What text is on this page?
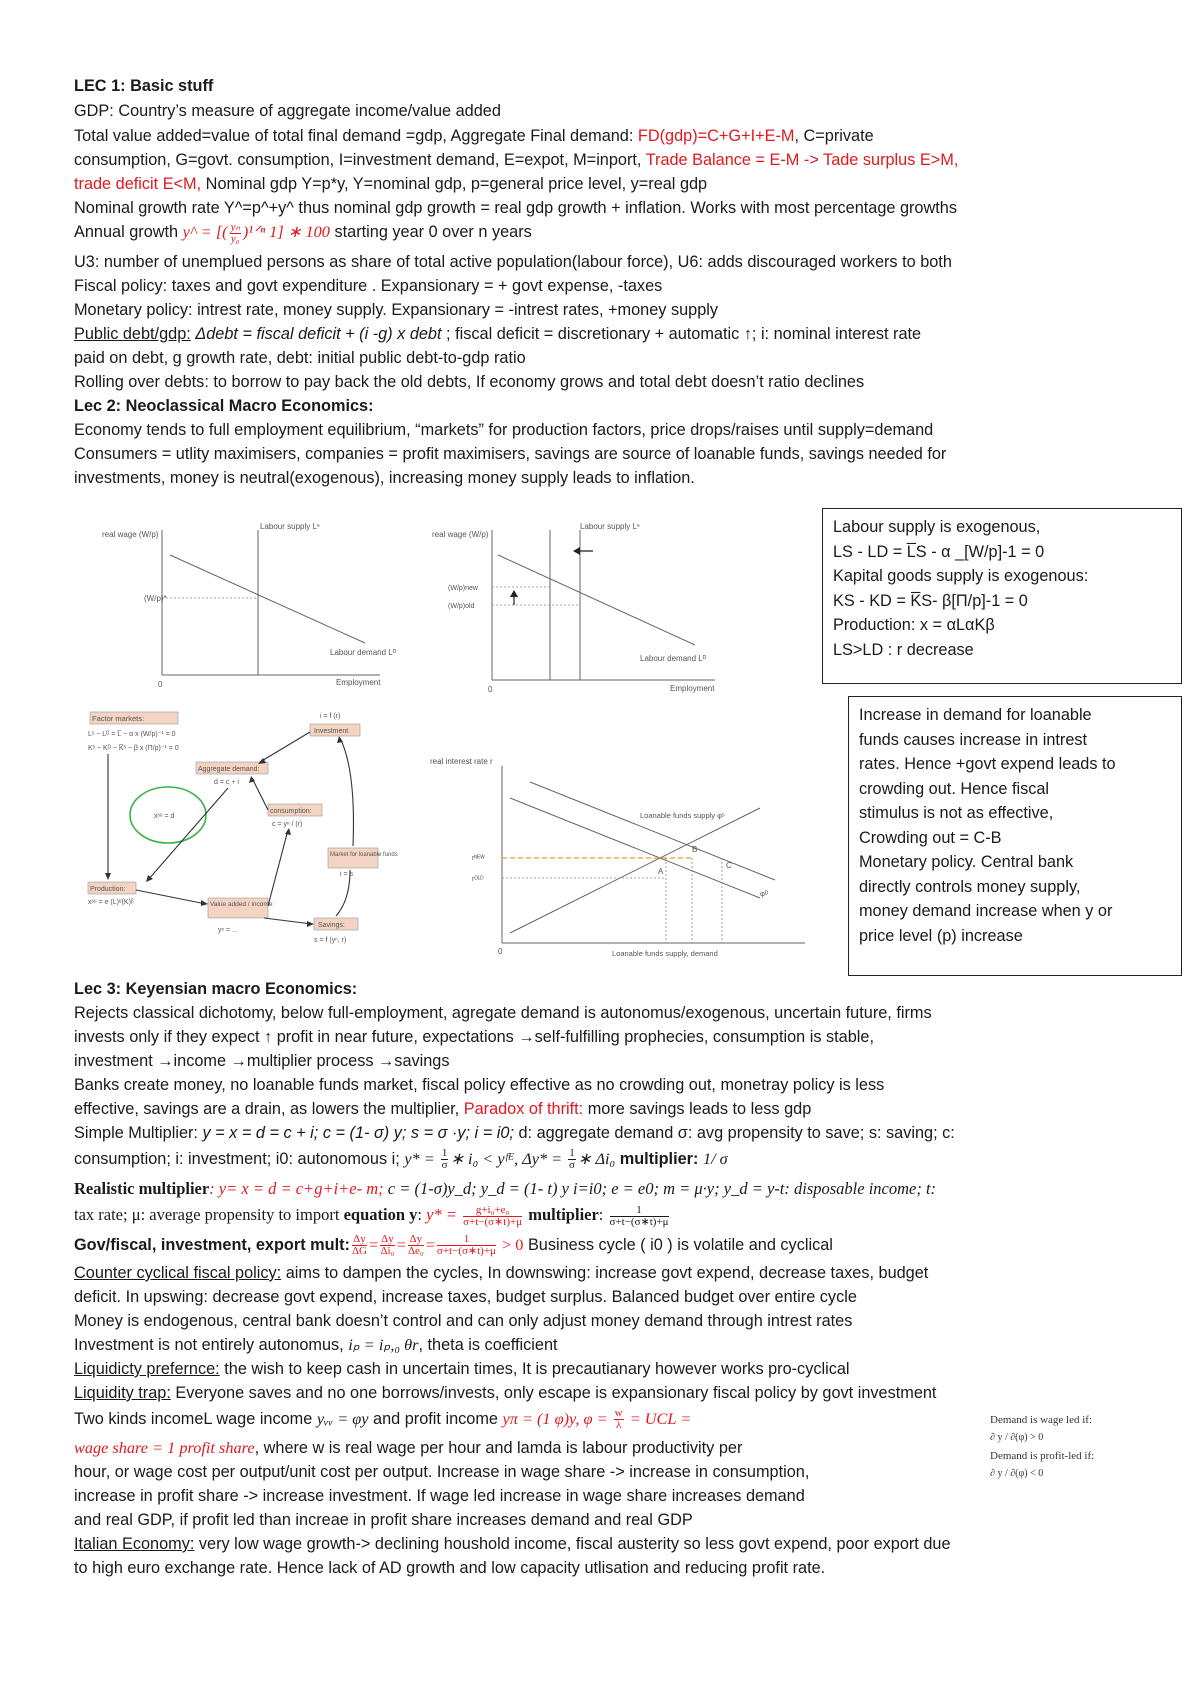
LEC 1: Basic stuff
GDP: Country’s measure of aggregate income/value added
Total value added=value of total final demand =gdp, Aggregate Final demand: FD(gdp)=C+G+I+E-M, C=private
consumption, G=govt. consumption, I=investment demand, E=expot, M=inport, Trade Balance = E-M -> Tade surplus E>M,
trade deficit E<M, Nominal gdp Y=p*y, Y=nominal gdp, p=general price level, y=real gdp
Nominal growth rate Y^=p^+y^ thus nominal gdp growth = real gdp growth + inflation. Works with most percentage growths
Annual growth y^ = [( $\frac{\text{yₙ}}{\text{y₀}}$ )¹ᐟⁿ 1] ∗ 100 starting year 0 over n years
U3: number of unemplued persons as share of total active population(labour force), U6: adds discouraged workers to both
Fiscal policy: taxes and govt expenditure . Expansionary = + govt expense, -taxes
Monetary policy: intrest rate, money supply. Expansionary = -intrest rates, +money supply
Public debt/gdp: Δdebt = fiscal deficit + (i -g) x debt ; fiscal deficit = discretionary + automatic ↑; i: nominal interest rate
paid on debt, g growth rate, debt: initial public debt-to-gdp ratio
Rolling over debts: to borrow to pay back the old debts, If economy grows and total debt doesn’t ratio declines
Lec 2: Neoclassical Macro Economics:
Economy tends to full employment equilibrium, “markets” for production factors, price drops/raises until supply=demand
Consumers = utlity maximisers, companies = profit maximisers, savings are source of loanable funds, savings needed for
investments, money is neutral(exogenous), increasing money supply leads to inflation.
Labour supply is exogenous,
LS - LD = L̅S - α _[W/p]-1 = 0
Kapital goods supply is exogenous:
KS - KD = K̅S- β[Π/p]-1 = 0
Production: x = αLαKβ
LS>LD : r decrease
Increase in demand for loanable
funds causes increase in intrest
rates. Hence +govt expend leads to
crowding out. Hence fiscal
stimulus is not as effective,
Crowding out = C-B
Monetary policy. Central bank
directly controls money supply,
money demand increase when y or
price level (p) increase
real wage (W/p)
Labour supply Lˢ
Labour demand Lᴰ
Employment
0
(W/p)*
real wage (W/p)
Labour supply Lˢ
Labour demand Lᴰ
Employment
0
(W/p)new
(W/p)old
Factor markets:
Lˢ − Lᴰ = L̅ − α x (W/p)⁻¹ = 0
Kˢ − Kᴰ − K̅ˢ − β x (Π/p)⁻¹ = 0
Aggregate demand:
d = c + i
i = f (r)
Investment
xˢᵘ = d
consumption:
c = yⁿ / (r)
Market for loanable funds
i = s
Production:
xˢᵘ = e (L)ᵅ(K)ᵝ	Value added / income:
yⁿ = ...
Savings:
s = f (yⁿ, r)
real interest rate r
Loanable funds supply φˢ
φᴰ
Loanable funds supply, demand
0
rᴺᴱᵂ
rᴼᴸᴰ
A
B
C
Lec 3: Keyensian macro Economics:
Rejects classical dichotomy, below full-employment, agregate demand is autonomus/exogenous, uncertain future, firms
invests only if they expect ↑ profit in near future, expectations →self-fulfilling prophecies, consumption is stable,
investment →income →multiplier process →savings
Banks create money, no loanable funds market, fiscal policy effective as no crowding out, monetray policy is less
effective, savings are a drain, as lowers the multiplier, Paradox of thrift: more savings leads to less gdp
Simple Multiplier: y = x = d = c + i; c = (1- σ) y; s = σ ·y; i = i0; d: aggregate demand σ: avg propensity to save; s: saving; c:
consumption; i: investment; i0: autonomous i; $y* = \frac{1}{\sigma}$ ∗ i₀ < yᶠᴱ, $\Delta y* = \frac{1}{\sigma}$ ∗ Δi₀ multiplier: 1/ σ
Realistic multiplier: y= x = d = c+g+i+e- m; c = (1-σ)y_d; y_d = (1- t) y i=i0; e = e0; m = μ·y; y_d = y-t: disposable income; t:
tax rate; μ: average propensity to import equation y: $y* = \frac{\text{g+i₀+e₀}}{\sigma+t-(\sigma∗t)+\mu}$ multiplier: $\frac{1}{\sigma+t-(\sigma∗t)+\mu}$
Gov/fiscal, investment, export mult: $\frac{\Delta y}{\Delta G} = \frac{\Delta y}{\text{Δi₀}} = \frac{\Delta y}{\text{Δe₀}} = \frac{1}{\sigma+t-(\sigma∗t)+\mu} > 0$ Business cycle ( i0 ) is volatile and cyclical
Counter cyclical fiscal policy: aims to dampen the cycles, In downswing: increase govt expend, decrease taxes, budget
deficit. In upswing: decrease govt expend, increase taxes, budget surplus. Balanced budget over entire cycle
Money is endogenous, central bank doesn’t control and can only adjust money demand through intrest rates
Investment is not entirely autonomus, iₚ = iₚ,₀ θr, theta is coefficient
Liquidicty prefernce: the wish to keep cash in uncertain times, It is precautianary however works pro-cyclical
Liquidity trap: Everyone saves and no one borrows/invests, only escape is expansionary fiscal policy by govt investment
Two kinds incomeL wage income yᵥᵥ = φy and profit income yπ = (1 φ)y, $\varphi = \frac{w}{\lambda}$ = UCL =
wage share = 1 profit share, where w is real wage per hour and lamda is labour productivity per
hour, or wage cost per output/unit cost per output. Increase in wage share -> increase in consumption,
increase in profit share -> increase investment. If wage led increase in wage share increases demand
and real GDP, if profit led than increae in profit share increases demand and real GDP
Italian Economy: very low wage growth-> declining houshold income, fiscal austerity so less govt expend, poor export due
to high euro exchange rate. Hence lack of AD growth and low capacity utlisation and reducing profit rate.
Demand is wage led if:
∂ y / ∂(φ) > 0
Demand is profit-led if:
∂ y / ∂(φ) < 0
